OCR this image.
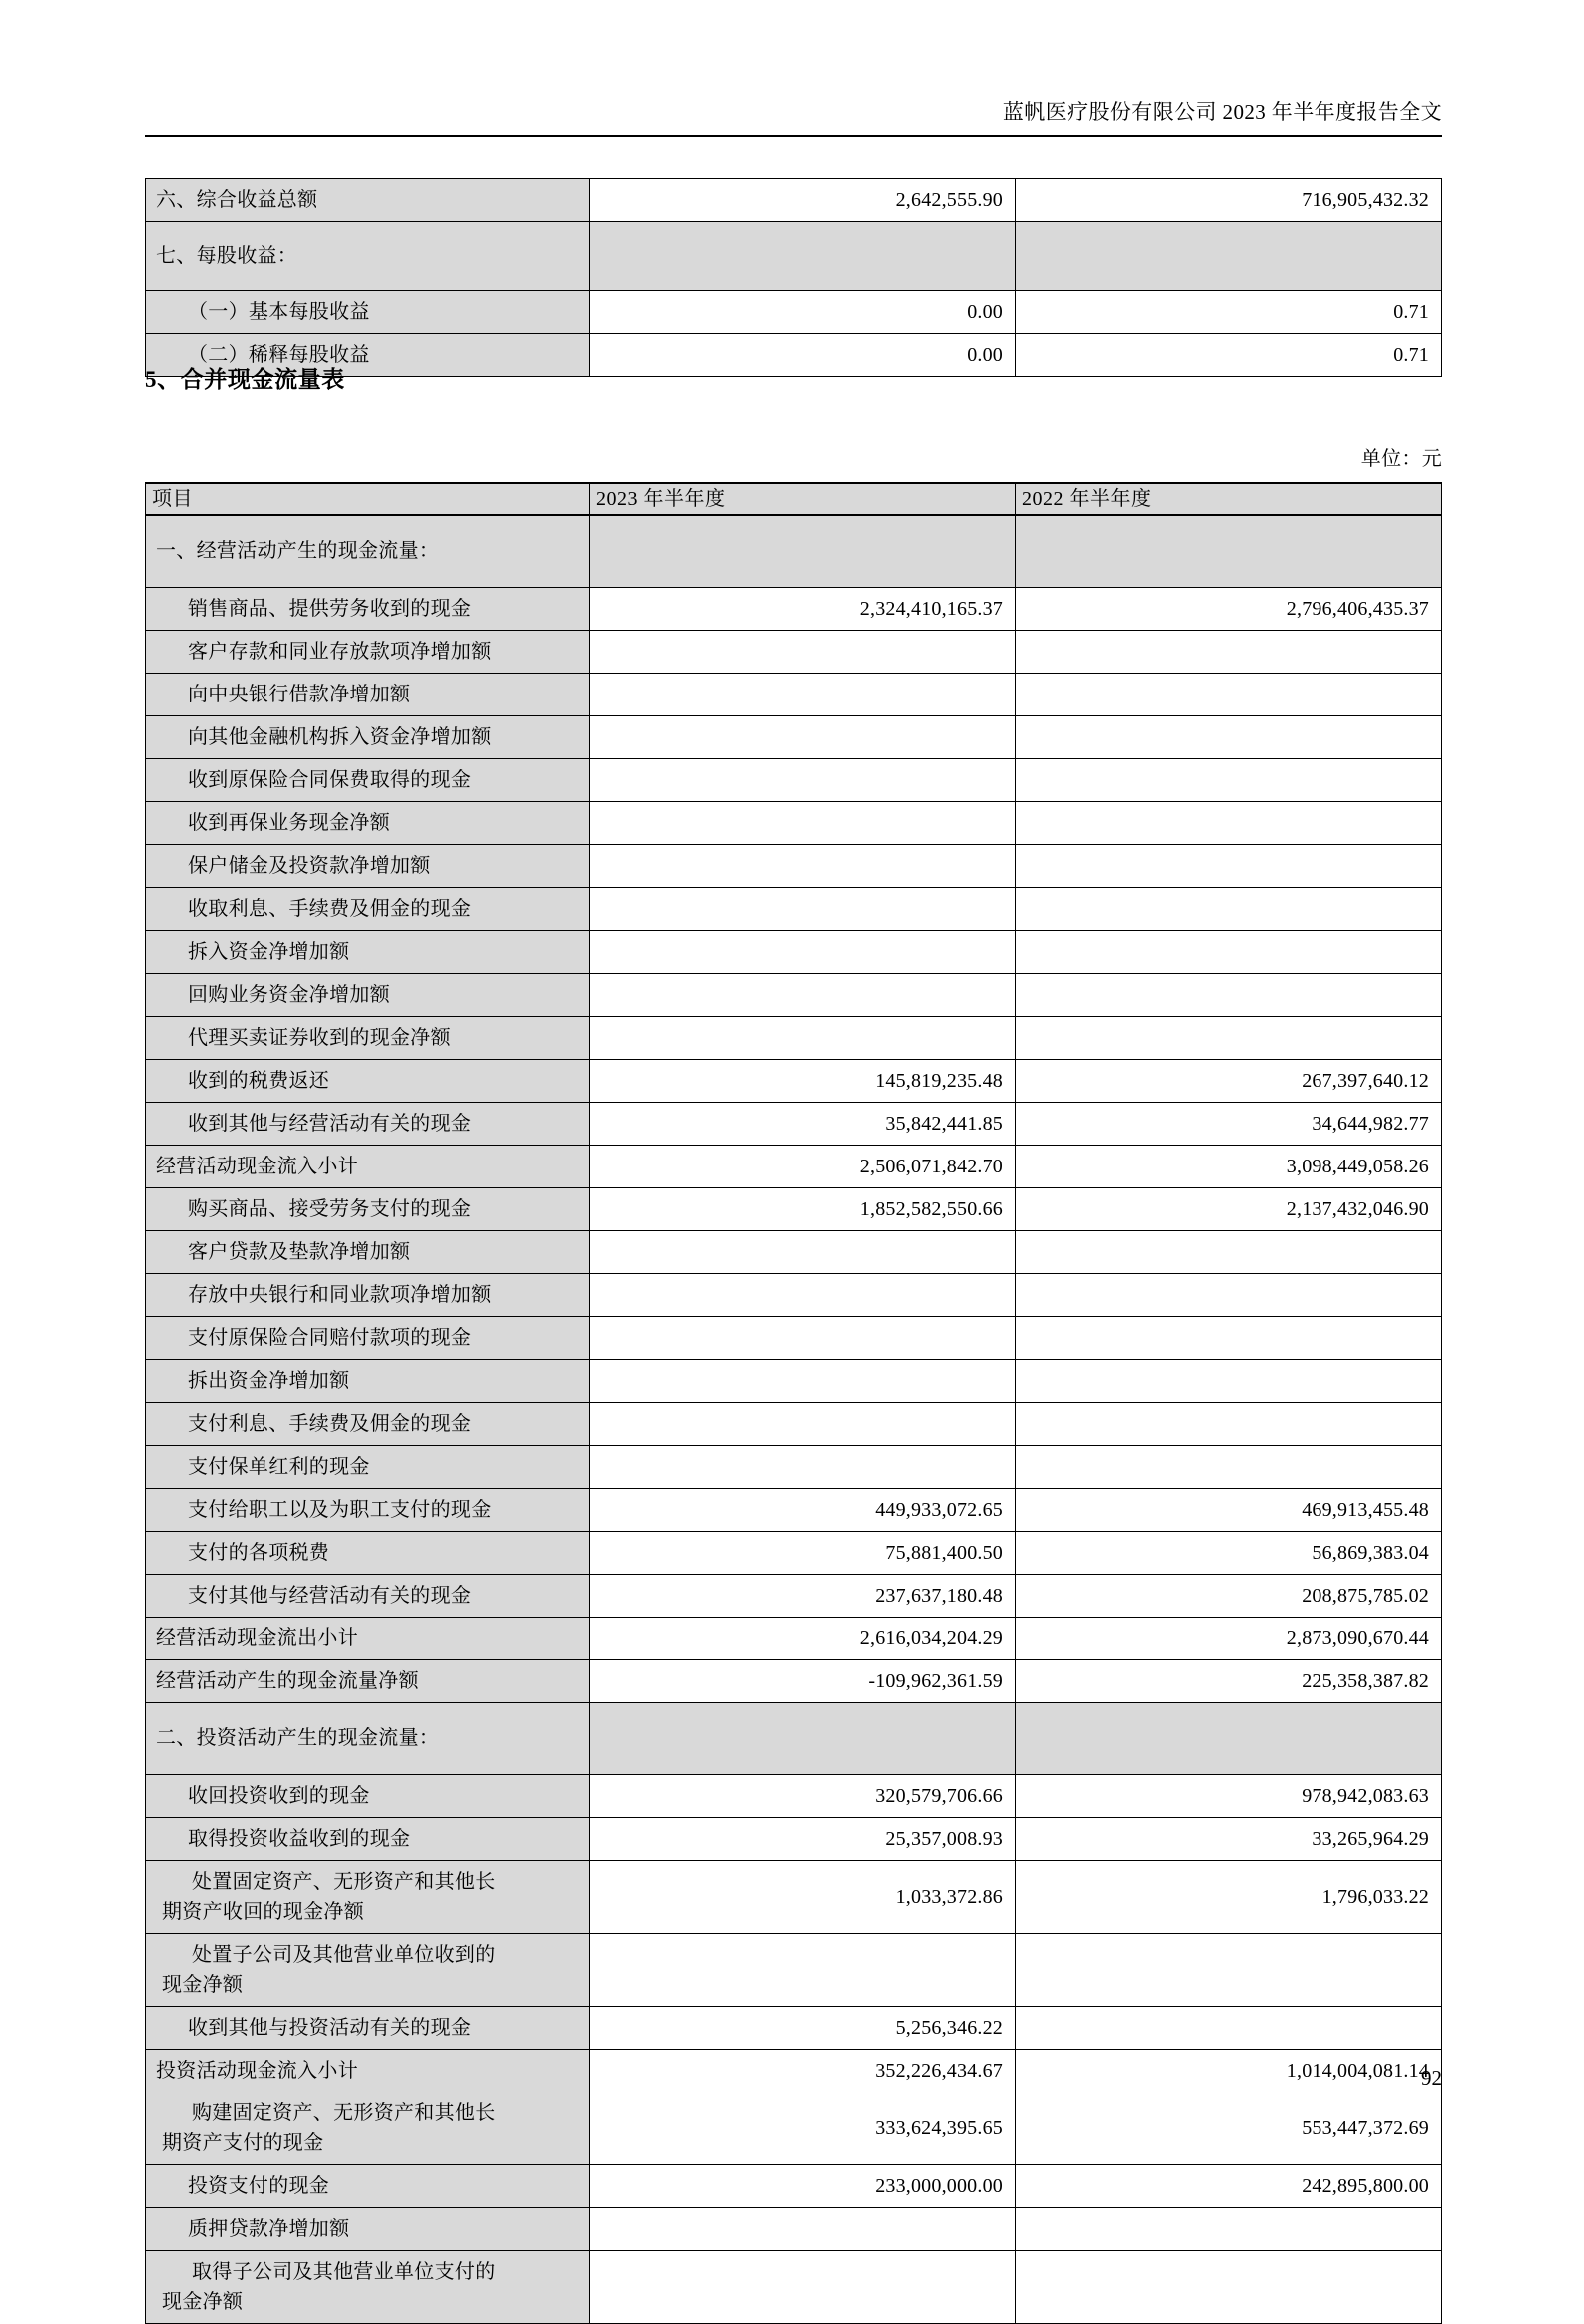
蓝帆医疗股份有限公司 2023 年半年度报告全文
六、综合收益总额	2,642,555.90	716,905,432.32

七、每股收益：		

（一）基本每股收益	0.00	0.71

（二）稀释每股收益	0.00	0.71
5、合并现金流量表
单位：元
项目	2023 年半年度	2022 年半年度

一、经营活动产生的现金流量：		

销售商品、提供劳务收到的现金	2,324,410,165.37	2,796,406,435.37

客户存款和同业存放款项净增加额		

向中央银行借款净增加额		

向其他金融机构拆入资金净增加额		

收到原保险合同保费取得的现金		

收到再保业务现金净额		

保户储金及投资款净增加额		

收取利息、手续费及佣金的现金		

拆入资金净增加额		

回购业务资金净增加额		

代理买卖证券收到的现金净额		

收到的税费返还	145,819,235.48	267,397,640.12

收到其他与经营活动有关的现金	35,842,441.85	34,644,982.77

经营活动现金流入小计	2,506,071,842.70	3,098,449,058.26

购买商品、接受劳务支付的现金	1,852,582,550.66	2,137,432,046.90

客户贷款及垫款净增加额		

存放中央银行和同业款项净增加额		

支付原保险合同赔付款项的现金		

拆出资金净增加额		

支付利息、手续费及佣金的现金		

支付保单红利的现金		

支付给职工以及为职工支付的现金	449,933,072.65	469,913,455.48

支付的各项税费	75,881,400.50	56,869,383.04

支付其他与经营活动有关的现金	237,637,180.48	208,875,785.02

经营活动现金流出小计	2,616,034,204.29	2,873,090,670.44

经营活动产生的现金流量净额	-109,962,361.59	225,358,387.82

二、投资活动产生的现金流量：		

收回投资收到的现金	320,579,706.66	978,942,083.63

取得投资收益收到的现金	25,357,008.93	33,265,964.29

处置固定资产、无形资产和其他长
期资产收回的现金净额	1,033,372.86	1,796,033.22

处置子公司及其他营业单位收到的
现金净额		

收到其他与投资活动有关的现金	5,256,346.22	

投资活动现金流入小计	352,226,434.67	1,014,004,081.14

购建固定资产、无形资产和其他长
期资产支付的现金	333,624,395.65	553,447,372.69

投资支付的现金	233,000,000.00	242,895,800.00

质押贷款净增加额		

取得子公司及其他营业单位支付的
现金净额		

92
